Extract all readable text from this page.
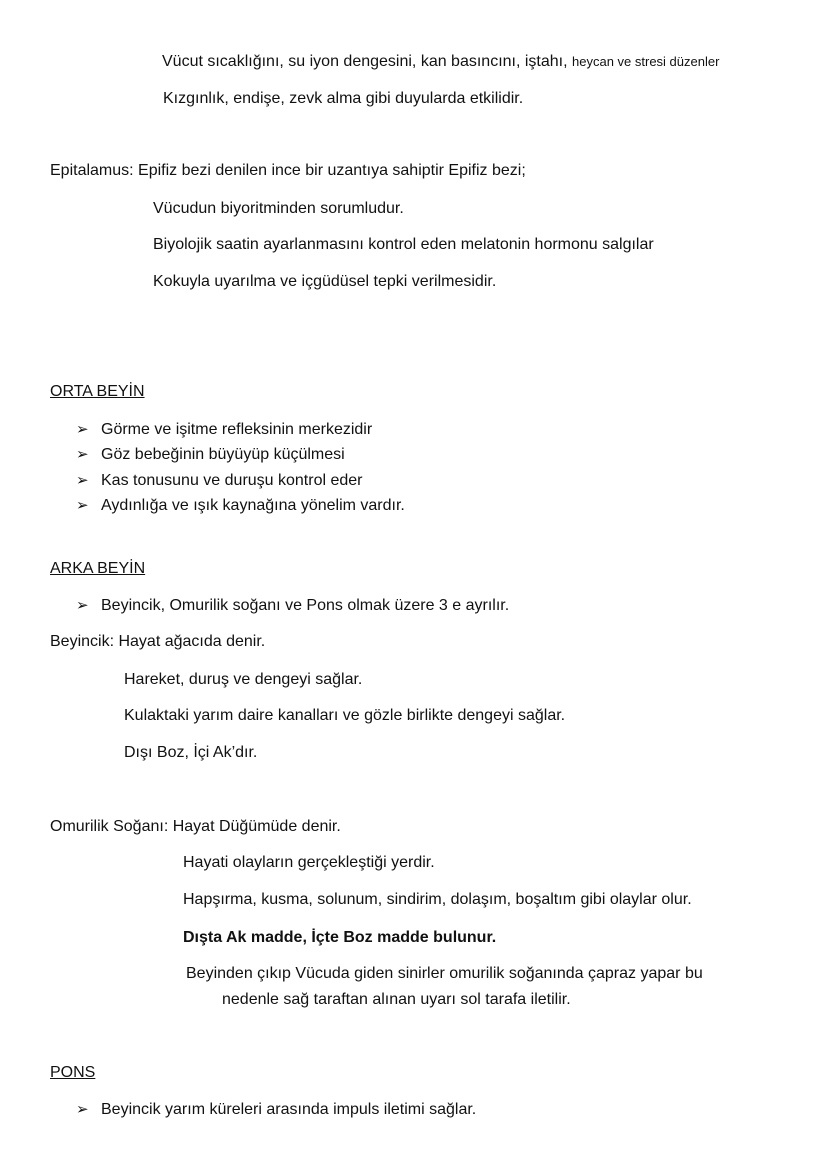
Vücut sıcaklığını, su iyon dengesini, kan basıncını, iştahı, heycan ve stresi düzenler
Kızgınlık, endişe, zevk alma gibi duyularda etkilidir.
Epitalamus: Epifiz bezi denilen ince bir uzantıya sahiptir Epifiz bezi;
Vücudun biyoritminden sorumludur.
Biyolojik saatin ayarlanmasını kontrol eden melatonin hormonu salgılar
Kokuyla uyarılma ve içgüdüsel tepki verilmesidir.
ORTA BEYİN
➢ Görme ve işitme refleksinin merkezidir
➢ Göz bebeğinin büyüyüp küçülmesi
➢ Kas tonusunu ve duruşu kontrol eder
➢ Aydınlığa ve ışık kaynağına yönelim vardır.
ARKA BEYİN
➢ Beyincik, Omurilik soğanı ve Pons olmak üzere 3 e ayrılır.
Beyincik: Hayat ağacıda denir.
Hareket, duruş ve dengeyi sağlar.
Kulaktaki yarım daire kanalları ve gözle birlikte dengeyi sağlar.
Dışı Boz, İçi Ak’dır.
Omurilik Soğanı: Hayat Düğümüde denir.
Hayati olayların gerçekleştiği yerdir.
Hapşırma, kusma, solunum, sindirim, dolaşım, boşaltım gibi olaylar olur.
Dışta Ak madde, İçte Boz madde bulunur.
Beyinden çıkıp Vücuda giden sinirler omurilik soğanında çapraz yapar bu
nedenle sağ taraftan alınan uyarı sol tarafa iletilir.
PONS
➢ Beyincik yarım küreleri arasında impuls iletimi sağlar.
